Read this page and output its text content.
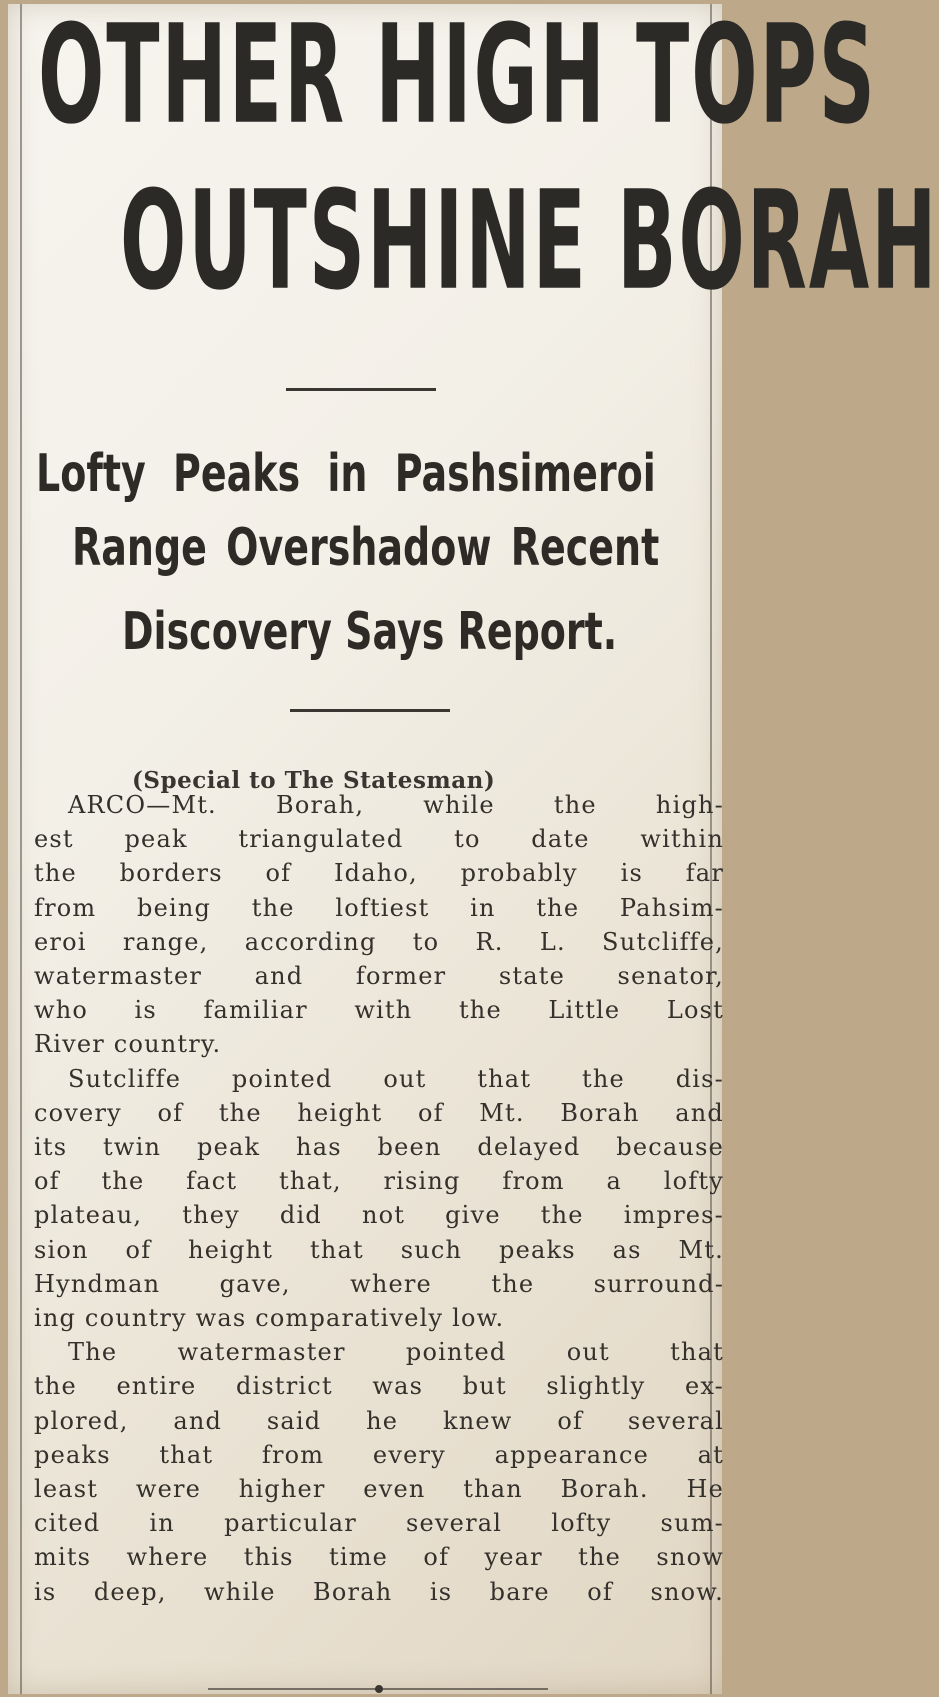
OTHER HIGH TOPS
OUTSHINE BORAH
Lofty Peaks in Pashsimeroi
Range Overshadow Recent
Discovery Says Report.
(Special to The Statesman)
ARCO—Mt. Borah, while the high-
est peak triangulated to date within
the borders of Idaho, probably is far
from being the loftiest in the Pahsim-
eroi range, according to R. L. Sutcliffe,
watermaster and former state senator,
who is familiar with the Little Lost
River country.
Sutcliffe pointed out that the dis-
covery of the height of Mt. Borah and
its twin peak has been delayed because
of the fact that, rising from a lofty
plateau, they did not give the impres-
sion of height that such peaks as Mt.
Hyndman gave, where the surround-
ing country was comparatively low.
The watermaster pointed out that
the entire district was but slightly ex-
plored, and said he knew of several
peaks that from every appearance at
least were higher even than Borah. He
cited in particular several lofty sum-
mits where this time of year the snow
is deep, while Borah is bare of snow.
